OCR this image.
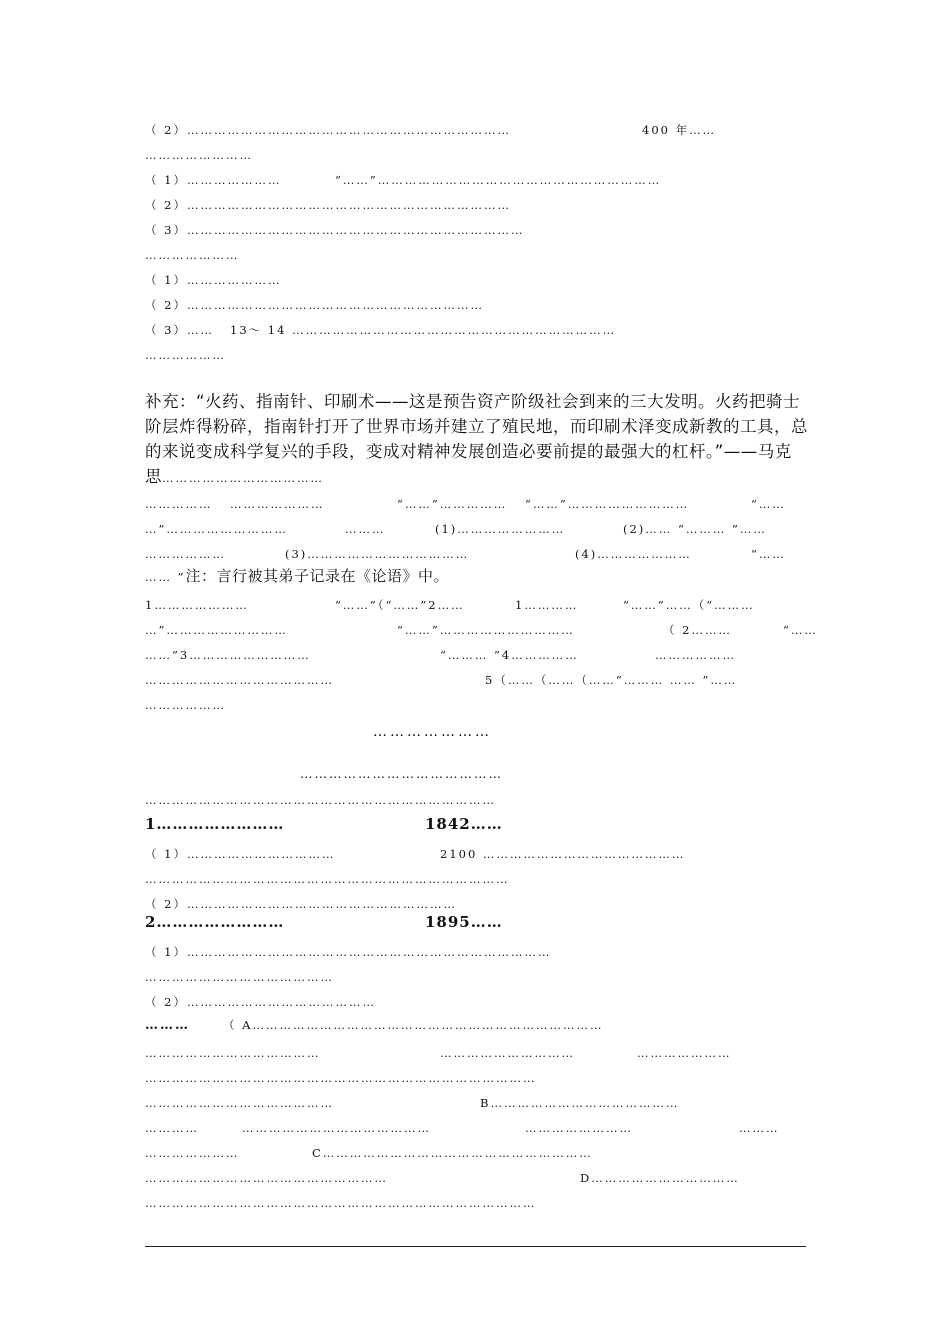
（ 2）………………………………………………………………	400 年……
……………………
（ 1）…………………	“……”………………………………………………………
（ 2）………………………………………………………………
（ 3）…………………………………………………………………
…………………
（ 1）…………………
（ 2）…………………………………………………………
（ 3）…… 13～ 14 ………………………………………………………………
………………
…………… …………………	“……”…………… “……”………………………	“……
…”………………………	………	(1)……………………	(2)…… “……… ”……
………………	(3)………………………………	(4)…………………	“……
1…………………	“……”（“……”2……	1…………	“……”……（“………
…”………………………	“……”…………………………	（ 2………	“……
……”3………………………	“……… ”4……………	………………
……………………………………	5（……（……（……“……… …… ”……
………………
……………………………………………………………………
（ 1）……………………………	2100 ………………………………………
………………………………………………………………………
（ 2）……………………………………………………
（ 1）………………………………………………………………………
……………………………………
（ 2）……………………………………
…………………………………	…………………………	…………………
……………………………………………………………………………
……………………………………	B……………………………………
…………	……………………………………	……………………	………
…………………	C……………………………………………………
………………………………………………	D……………………………
……………………………………………………………………………
补充：“火药、指南针、印刷术——这是预告资产阶级社会到来的三大发明。火药把骑士阶层炸得粉碎，指南针打开了世界市场并建立了殖民地，而印刷术泽变成新教的工具，总的来说变成科学复兴的手段，变成对精神发展创造必要前提的最强大的杠杆。”——马克思………………………………
…… ”注：言行被其弟子记录在《论语》中。
…………………
……………………………………
1……………………	1842……
2……………………	1895……
………	（ A……………………………………………………………………
